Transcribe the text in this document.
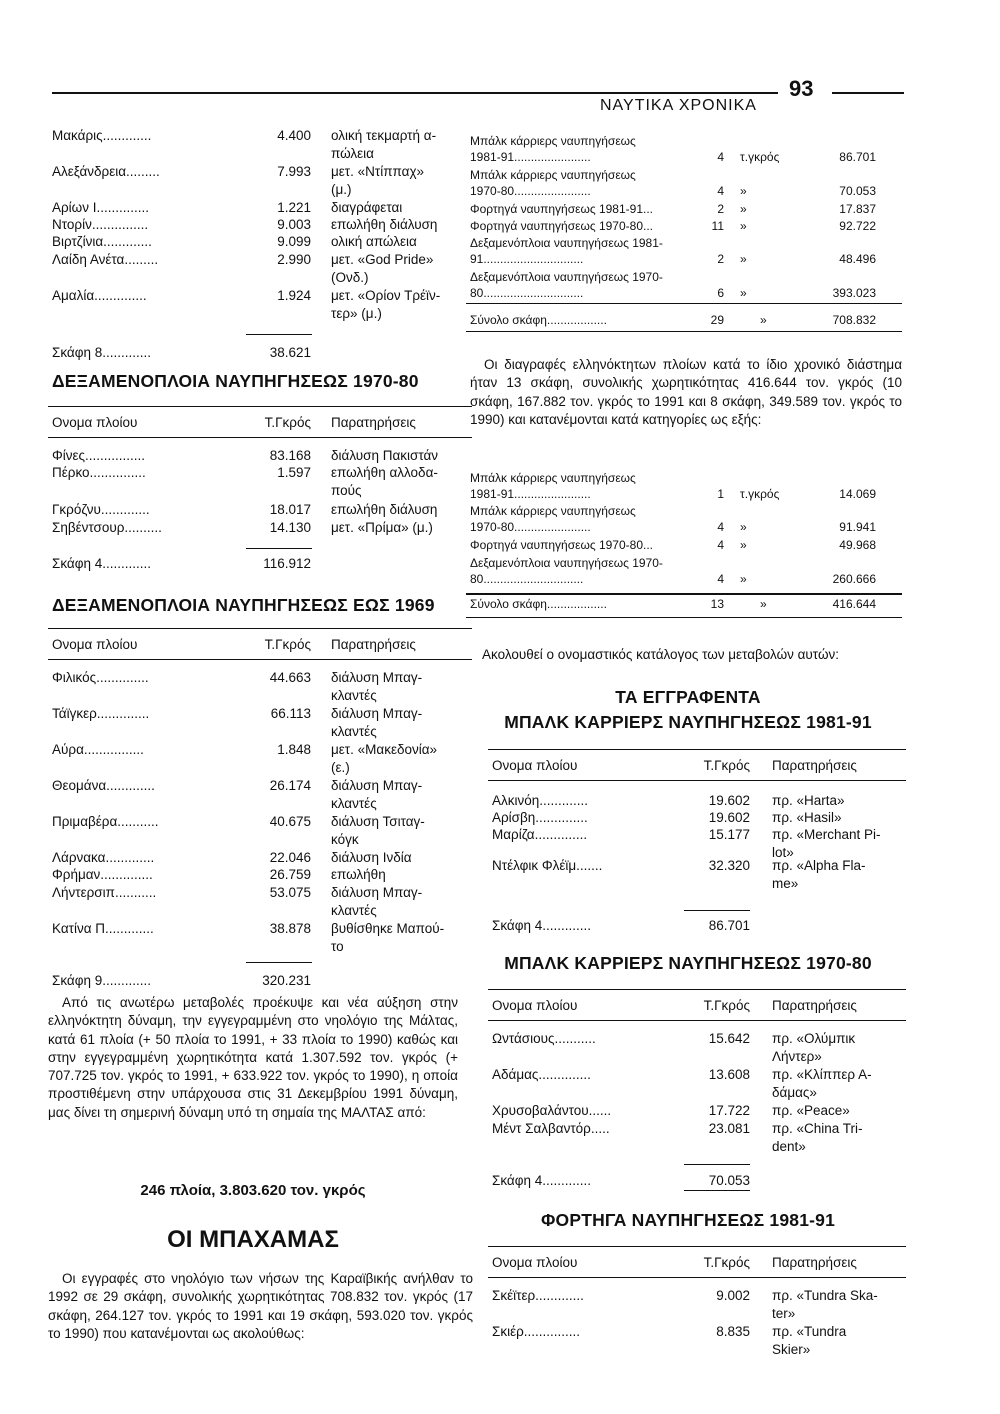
93
ΝΑΥΤΙΚΑ ΧΡΟΝΙΚΑ
Μακάρις.............	4.400 ολική τεκμαρτή α-
πώλεια
Αλεξάνδρεια.........	7.993 μετ. «Ντίππαχ»
(μ.)
Αρίων Ι..............	1.221 διαγράφεται
Ντορίν...............	9.003 επωλήθη διάλυση
Βιρτζίνια.............	9.099 ολική απώλεια
Λαίδη Ανέτα.........	2.990 μετ. «God Pride»
(Ονδ.)
Αμαλία..............	1.924 μετ. «Ορίον Τρέϊν-
τερ» (μ.)
Σκάφη 8.............	38.621
ΔΕΞΑΜΕΝΟΠΛΟΙΑ ΝΑΥΠΗΓΗΣΕΩΣ 1970-80
Ονομα πλοίου	Τ.Γκρός Παρατηρήσεις
Φίνες................	83.168 διάλυση Πακιστάν
Πέρκο...............	1.597 επωλήθη αλλοδα-
πούς
Γκρόζνυ.............	18.017 επωλήθη διάλυση
Σηβέντσουρ..........	14.130 μετ. «Πρίμα» (μ.)
Σκάφη 4.............	116.912
ΔΕΞΑΜΕΝΟΠΛΟΙΑ ΝΑΥΠΗΓΗΣΕΩΣ ΕΩΣ 1969
Ονομα πλοίου	Τ.Γκρός Παρατηρήσεις
Φιλικός..............	44.663 διάλυση Μπαγ-
κλαντές
Τάϊγκερ..............	66.113 διάλυση Μπαγ-
κλαντές
Αύρα................	1.848 μετ. «Μακεδονία»
(ε.)
Θεομάνα.............	26.174 διάλυση Μπαγ-
κλαντές
Πριμαβέρα...........	40.675 διάλυση Τσιταγ-
κόγκ
Λάρνακα.............	22.046 διάλυση Ινδία
Φρήμαν..............	26.759 επωλήθη
Λήντερσιπ...........	53.075 διάλυση Μπαγ-
κλαντές
Κατίνα Π.............	38.878 βυθίσθηκε Μαπού-
το
Σκάφη 9.............	320.231
Από τις ανωτέρω μεταβολές προέκυψε και νέα αύξηση στην ελληνόκτητη δύναμη, την εγγεγραμμένη στο νηολόγιο της Μάλτας, κατά 61 πλοία (+ 50 πλοία το 1991, + 33 πλοία το 1990) καθώς και στην εγγεγραμμένη χωρητικότητα κατά 1.307.592 τον. γκρός (+ 707.725 τον. γκρός το 1991, + 633.922 τον. γκρός το 1990), η οποία προστιθέμενη στην υπάρχουσα στις 31 Δεκεμβρίου 1991 δύναμη, μας δίνει τη σημερινή δύναμη υπό τη σημαία της ΜΑΛΤΑΣ από:
246 πλοία, 3.803.620 τον. γκρός
ΟΙ ΜΠΑΧΑΜΑΣ
Οι εγγραφές στο νηολόγιο των νήσων της Καραϊβικής ανήλθαν το 1992 σε 29 σκάφη, συνολικής χωρητικότητας 708.832 τον. γκρός (17 σκάφη, 264.127 τον. γκρός το 1991 και 19 σκάφη, 593.020 τον. γκρός το 1990) που κατανέμονται ως ακολούθως:
Μπάλκ κάρριερς ναυπηγήσεως
1981-91.......................	4 τ.γκρός	86.701
Μπάλκ κάρριερς ναυπηγήσεως
1970-80.......................	4 »	70.053
Φορτηγά ναυπηγήσεως 1981-91...	2 »	17.837
Φορτηγά ναυπηγήσεως 1970-80...	11 »	92.722
Δεξαμενόπλοια ναυπηγήσεως 1981-
91..............................	2 »	48.496
Δεξαμενόπλοια ναυπηγήσεως 1970-
80..............................	6 »	393.023
Σύνολο σκάφη..................	29	»	708.832
Οι διαγραφές ελληνόκτητων πλοίων κατά το ίδιο χρονικό διάστημα ήταν 13 σκάφη, συνολικής χωρητικότητας 416.644 τον. γκρός (10 σκάφη, 167.882 τον. γκρός το 1991 και 8 σκάφη, 349.589 τον. γκρός το 1990) και κατανέμονται κατά κατηγορίες ως εξής:
Μπάλκ κάρριερς ναυπηγήσεως
1981-91.......................	1 τ.γκρός	14.069
Μπάλκ κάρριερς ναυπηγήσεως
1970-80.......................	4 »	91.941
Φορτηγά ναυπηγήσεως 1970-80...	4 »	49.968
Δεξαμενόπλοια ναυπηγήσεως 1970-
80..............................	4 »	260.666
Σύνολο σκάφη..................	13	»	416.644
Ακολουθεί ο ονομαστικός κατάλογος των μεταβολών αυτών:
ΤΑ ΕΓΓΡΑΦΕΝΤΑ
ΜΠΑΛΚ ΚΑΡΡΙΕΡΣ ΝΑΥΠΗΓΗΣΕΩΣ 1981-91
Ονομα πλοίου	Τ.Γκρός Παρατηρήσεις
Αλκινόη.............	19.602 πρ. «Harta»
Αρίσβη..............	19.602 πρ. «Hasil»
Μαρίζα..............	15.177 πρ. «Merchant Pi-
lot»
Ντέλφικ Φλέϊμ.......	32.320 πρ. «Alpha Fla-
me»
Σκάφη 4.............	86.701
ΜΠΑΛΚ ΚΑΡΡΙΕΡΣ ΝΑΥΠΗΓΗΣΕΩΣ 1970-80
Ονομα πλοίου	Τ.Γκρός Παρατηρήσεις
Ωντάσιους...........	15.642 πρ. «Ολύμπικ
Λήντερ»
Αδάμας..............	13.608 πρ. «Κλίππερ Α-
δάμας»
Χρυσοβαλάντου......	17.722 πρ. «Peace»
Μέντ Σαλβαντόρ.....	23.081 πρ. «China Tri-
dent»
Σκάφη 4.............	70.053
ΦΟΡΤΗΓΑ ΝΑΥΠΗΓΗΣΕΩΣ 1981-91
Ονομα πλοίου	Τ.Γκρός Παρατηρήσεις
Σκέϊτερ.............	9.002 πρ. «Tundra Ska-
ter»
Σκιέρ...............	8.835 πρ. «Tundra
Skier»
